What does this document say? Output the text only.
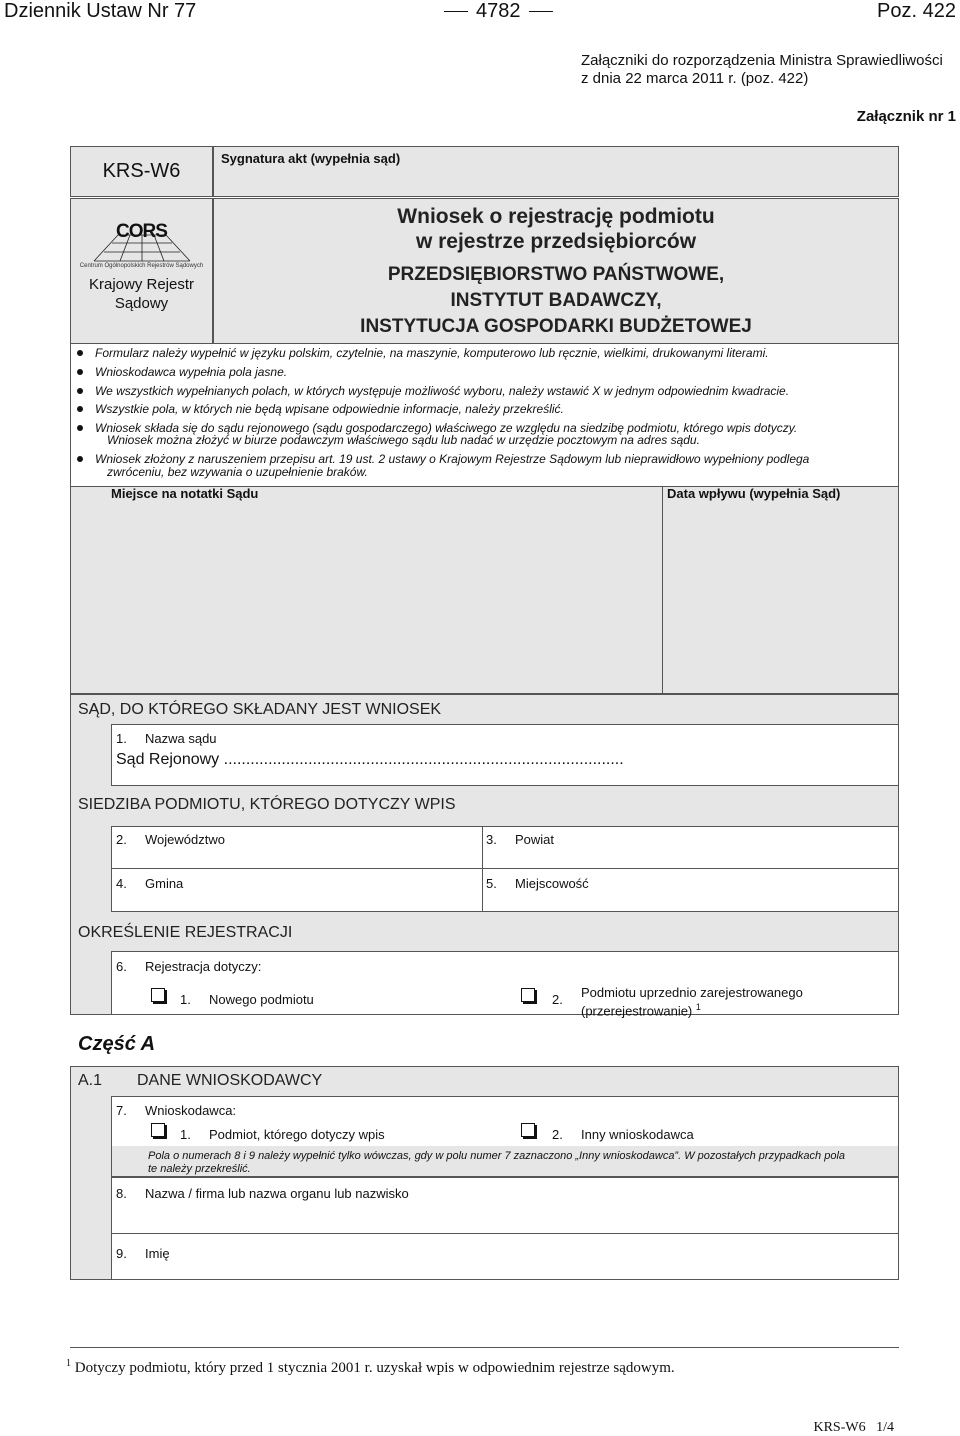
Dziennik Ustaw Nr 77	4782	Poz. 422
Załączniki do rozporządzenia Ministra Sprawiedliwości
z dnia 22 marca 2011 r. (poz. 422)
Załącznik nr 1
KRS-W6
Sygnatura akt (wypełnia sąd)
CORS
Centrum Ogólnopolskich Rejestrów Sądowych
Krajowy Rejestr
Sądowy
Wniosek o rejestrację podmiotu
w rejestrze przedsiębiorców
PRZEDSIĘBIORSTWO PAŃSTWOWE,
INSTYTUT BADAWCZY,
INSTYTUCJA GOSPODARKI BUDŻETOWEJ
Formularz należy wypełnić w języku polskim, czytelnie, na maszynie, komputerowo lub ręcznie, wielkimi, drukowanymi literami.
Wnioskodawca wypełnia pola jasne.
We wszystkich wypełnianych polach, w których występuje możliwość wyboru, należy wstawić X w jednym odpowiednim kwadracie.
Wszystkie pola, w których nie będą wpisane odpowiednie informacje, należy przekreślić.
Wniosek składa się do sądu rejonowego (sądu gospodarczego) właściwego ze względu na siedzibę podmiotu, którego wpis dotyczy.
Wniosek można złożyć w biurze podawczym właściwego sądu lub nadać w urzędzie pocztowym na adres sądu.
Wniosek złożony z naruszeniem przepisu art. 19 ust. 2 ustawy o Krajowym Rejestrze Sądowym lub nieprawidłowo wypełniony podlega
zwróceniu, bez wzywania o uzupełnienie braków.
Miejsce na notatki Sądu	Data wpływu (wypełnia Sąd)
SĄD, DO KTÓREGO SKŁADANY JEST WNIOSEK
1. Nazwa sądu
Sąd Rejonowy ..........................................................................................
SIEDZIBA PODMIOTU, KTÓREGO DOTYCZY WPIS
2. Województwo	3. Powiat
4. Gmina	5. Miejscowość
OKREŚLENIE REJESTRACJI
6. Rejestracja dotyczy:
1. Nowego podmiotu	2. Podmiotu uprzednio zarejestrowanego
(przerejestrowanie) $^1$
Część A
A.1 DANE WNIOSKODAWCY
7. Wnioskodawca:
1. Podmiot, którego dotyczy wpis	2. Inny wnioskodawca
Pola o numerach 8 i 9 należy wypełnić tylko wówczas, gdy w polu numer 7 zaznaczono „Inny wnioskodawca”. W pozostałych przypadkach pola
te należy przekreślić.
8. Nazwa / firma lub nazwa organu lub nazwisko
9. Imię
$^1$ Dotyczy podmiotu, który przed 1 stycznia 2001 r. uzyskał wpis w odpowiednim rejestrze sądowym.
KRS-W6 1/4
